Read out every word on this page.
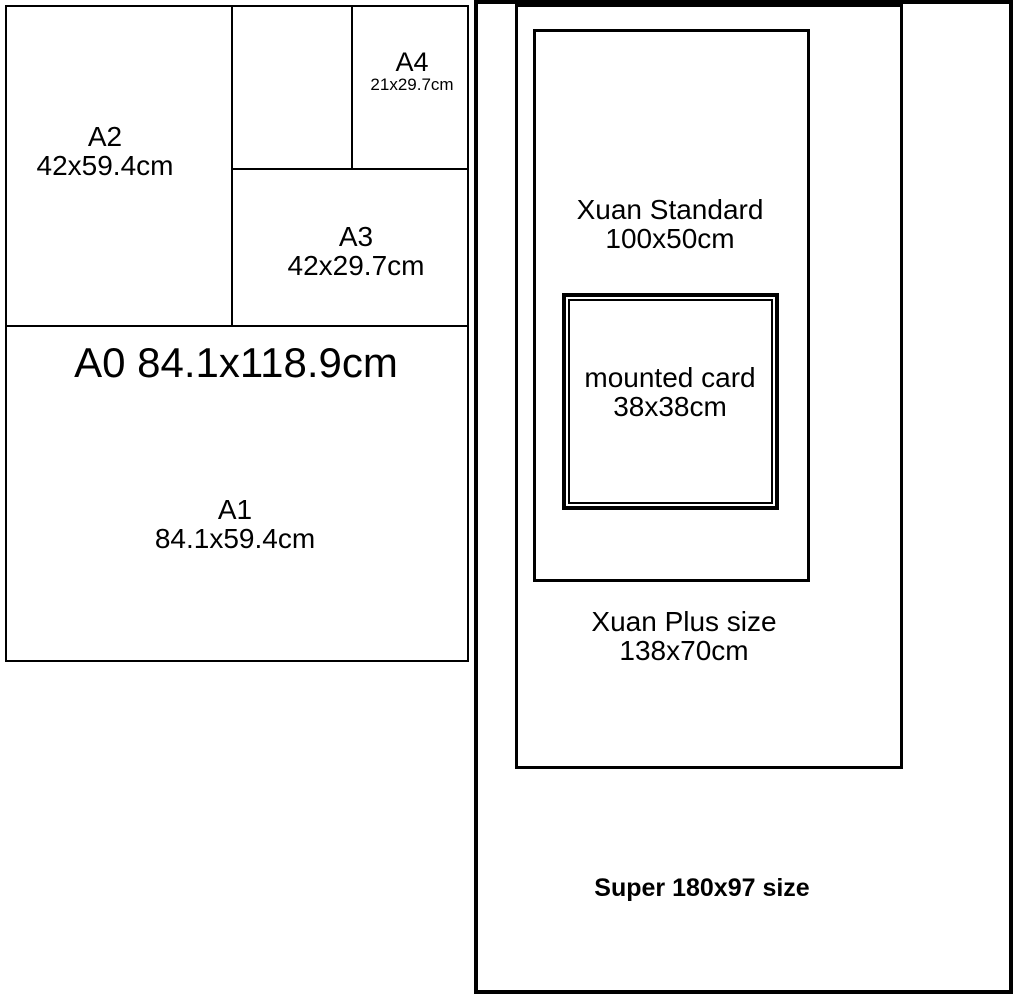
A2
42x59.4cm
A4
21x29.7cm
A3
42x29.7cm
A0 84.1x118.9cm
A1
84.1x59.4cm
Xuan Standard
100x50cm
mounted card
38x38cm
Xuan Plus size
138x70cm
Super 180x97 size
